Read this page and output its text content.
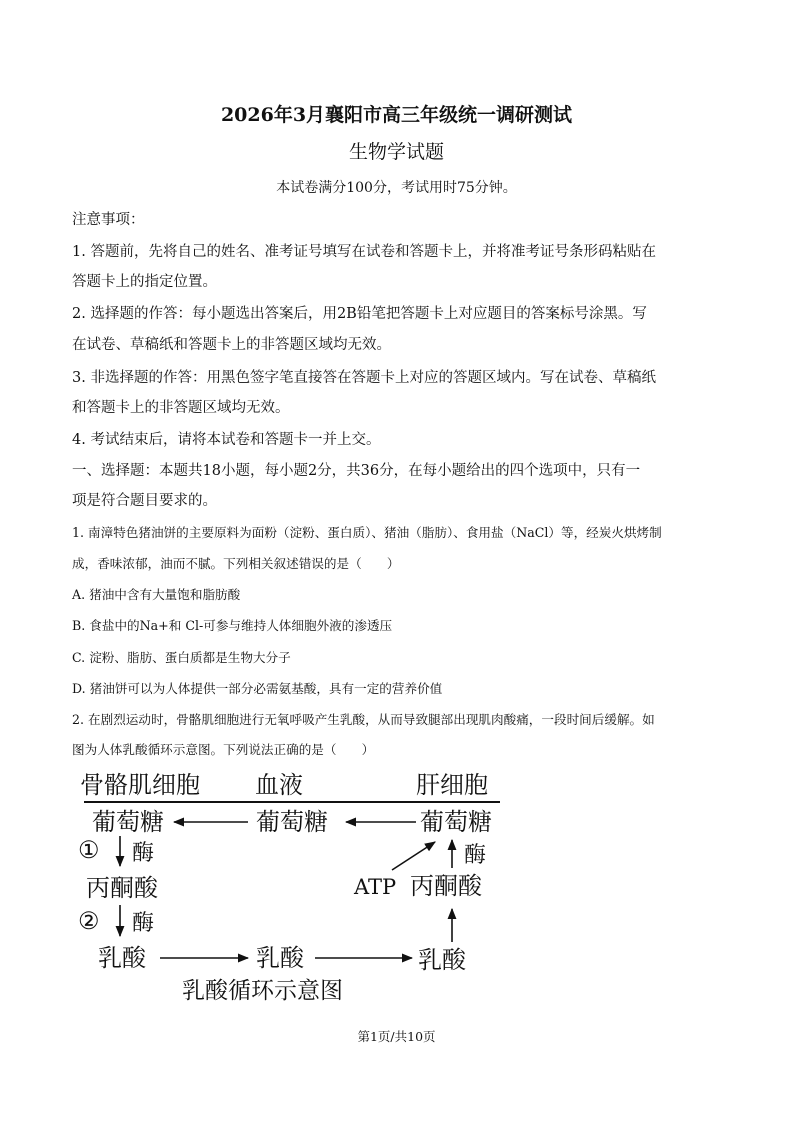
2026年3月襄阳市高三年级统一调研测试
生物学试题
本试卷满分100分，考试用时75分钟。
注意事项：
1. 答题前，先将自己的姓名、准考证号填写在试卷和答题卡上，并将准考证号条形码粘贴在
答题卡上的指定位置。
2. 选择题的作答：每小题选出答案后，用2B铅笔把答题卡上对应题目的答案标号涂黑。写
在试卷、草稿纸和答题卡上的非答题区域均无效。
3. 非选择题的作答：用黑色签字笔直接答在答题卡上对应的答题区域内。写在试卷、草稿纸
和答题卡上的非答题区域均无效。
4. 考试结束后，请将本试卷和答题卡一并上交。
一、选择题：本题共18小题，每小题2分，共36分，在每小题给出的四个选项中，只有一
项是符合题目要求的。
1. 南漳特色猪油饼的主要原料为面粉（淀粉、蛋白质）、猪油（脂肪）、食用盐（NaCl）等，经炭火烘烤制
成，香味浓郁，油而不腻。下列相关叙述错误的是（　　）
A. 猪油中含有大量饱和脂肪酸
B. 食盐中的Na+和 Cl-可参与维持人体细胞外液的渗透压
C. 淀粉、脂肪、蛋白质都是生物大分子
D. 猪油饼可以为人体提供一部分必需氨基酸，具有一定的营养价值
2. 在剧烈运动时，骨骼肌细胞进行无氧呼吸产生乳酸，从而导致腿部出现肌肉酸痛，一段时间后缓解。如
图为人体乳酸循环示意图。下列说法正确的是（　　）
骨骼肌细胞 血液	肝细胞
葡萄糖	葡萄糖	葡萄糖
① 酶
丙酮酸
② 酶
乳酸	乳酸	乳酸
ATP 丙酮酸
酶
乳酸循环示意图
第1页/共10页
